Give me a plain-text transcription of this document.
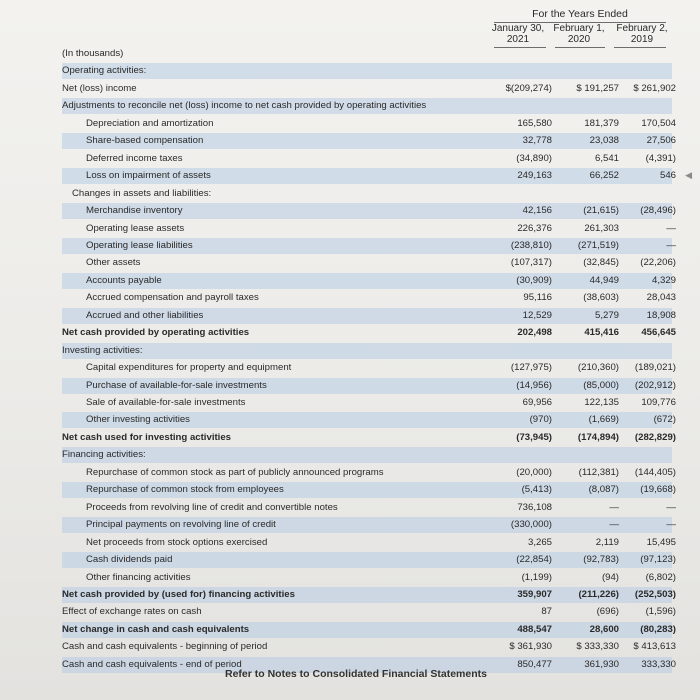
For the Years Ended
January 30,
2021
February 1,
2020
February 2,
2019
(In thousands)
Operating activities:
Net (loss) income	$(209,274)	$ 191,257	$ 261,902
Adjustments to reconcile net (loss) income to net cash provided by operating activities
Depreciation and amortization	165,580	181,379	170,504
Share-based compensation	32,778	23,038	27,506
Deferred income taxes	(34,890)	6,541	(4,391)
Loss on impairment of assets	249,163	66,252	546
Changes in assets and liabilities:
Merchandise inventory	42,156	(21,615)	(28,496)
Operating lease assets	226,376	261,303	—
Operating lease liabilities	(238,810)	(271,519)	—
Other assets	(107,317)	(32,845)	(22,206)
Accounts payable	(30,909)	44,949	4,329
Accrued compensation and payroll taxes	95,116	(38,603)	28,043
Accrued and other liabilities	12,529	5,279	18,908
Net cash provided by operating activities	202,498	415,416	456,645
Investing activities:
Capital expenditures for property and equipment	(127,975)	(210,360)	(189,021)
Purchase of available-for-sale investments	(14,956)	(85,000)	(202,912)
Sale of available-for-sale investments	69,956	122,135	109,776
Other investing activities	(970)	(1,669)	(672)
Net cash used for investing activities	(73,945)	(174,894)	(282,829)
Financing activities:
Repurchase of common stock as part of publicly announced programs	(20,000)	(112,381)	(144,405)
Repurchase of common stock from employees	(5,413)	(8,087)	(19,668)
Proceeds from revolving line of credit and convertible notes	736,108	—	—
Principal payments on revolving line of credit	(330,000)	—	—
Net proceeds from stock options exercised	3,265	2,119	15,495
Cash dividends paid	(22,854)	(92,783)	(97,123)
Other financing activities	(1,199)	(94)	(6,802)
Net cash provided by (used for) financing activities	359,907	(211,226)	(252,503)
Effect of exchange rates on cash	87	(696)	(1,596)
Net change in cash and cash equivalents	488,547	28,600	(80,283)
Cash and cash equivalents - beginning of period	$ 361,930	$ 333,330	$ 413,613
Cash and cash equivalents - end of period	850,477	361,930	333,330
◀
Refer to Notes to Consolidated Financial Statements
